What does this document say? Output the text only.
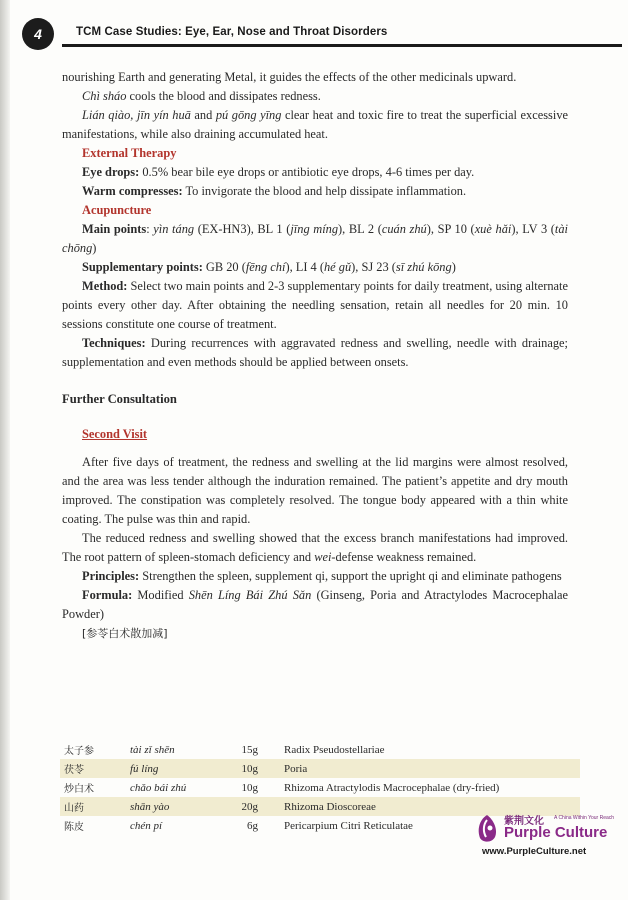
4	TCM Case Studies: Eye, Ear, Nose and Throat Disorders

nourishing Earth and generating Metal, it guides the effects of the other medicinals upward.

Chì sháo cools the blood and dissipates redness.

Lián qiào, jīn yín huā and pú gōng yīng clear heat and toxic fire to treat the superficial excessive manifestations, while also draining accumulated heat.

External Therapy

Eye drops: 0.5% bear bile eye drops or antibiotic eye drops, 4-6 times per day.

Warm compresses: To invigorate the blood and help dissipate inflammation.

Acupuncture

Main points: yìn táng (EX-HN3), BL 1 (jīng míng), BL 2 (cuán zhú), SP 10 (xuè hǎi), LV 3 (tài chōng)

Supplementary points: GB 20 (fēng chí), LI 4 (hé gǔ), SJ 23 (sī zhú kōng)

Method: Select two main points and 2-3 supplementary points for daily treatment, using alternate points every other day. After obtaining the needling sensation, retain all needles for 20 min. 10 sessions constitute one course of treatment.

Techniques: During recurrences with aggravated redness and swelling, needle with drainage; supplementation and even methods should be applied between onsets.

Further Consultation

Second Visit

After five days of treatment, the redness and swelling at the lid margins were almost resolved, and the area was less tender although the induration remained. The patient’s appetite and dry mouth improved. The constipation was completely resolved. The tongue body appeared with a thin white coating. The pulse was thin and rapid.

The reduced redness and swelling showed that the excess branch manifestations had improved. The root pattern of spleen-stomach deficiency and wei-defense weakness remained.

Principles: Strengthen the spleen, supplement qi, support the upright qi and eliminate pathogens

Formula: Modified Shēn Líng Bái Zhú Sǎn (Ginseng, Poria and Atractylodes Macrocephalae Powder)

[参苓白术散加减]

太子参	tài zǐ shēn	15g	Radix Pseudostellariae
茯苓	fú líng	10g	Poria
炒白术	chǎo bái zhú	10g	Rhizoma Atractylodis Macrocephalae (dry-fried)
山药	shān yào	20g	Rhizoma Dioscoreae
陈皮	chén pí	6g	Pericarpium Citri Reticulatae	紫荆文化 A China Within Your Reach
Purple Culture
www.PurpleCulture.net
